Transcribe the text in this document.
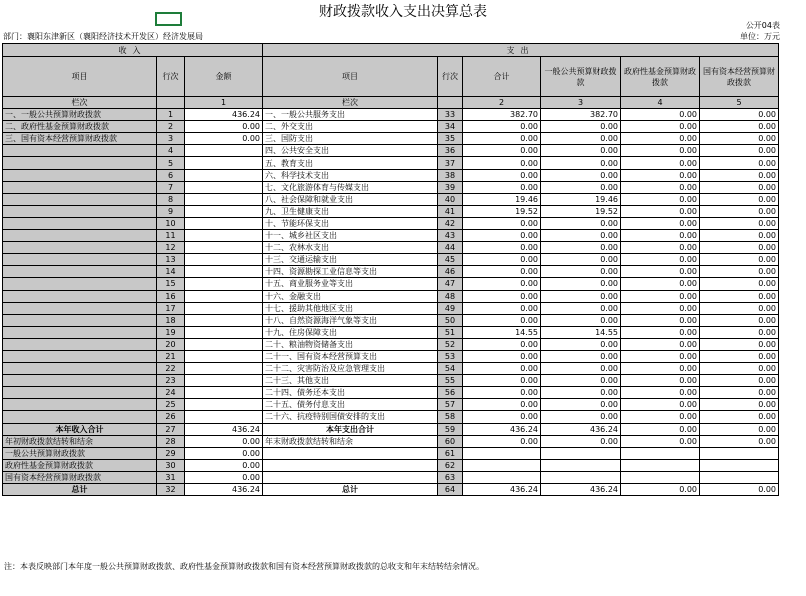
财政拨款收入支出决算总表
公开04表
单位：万元
部门：襄阳东津新区（襄阳经济技术开发区）经济发展局
收入			支出					
项目	行次	金额	项目	行次	合计	一般公共预算财政拨款	政府性基金预算财政拨款	国有资本经营预算财政拨款
栏次		1	栏次		2	3	4	5
一、一般公共预算财政拨款	1	436.24	一、一般公共服务支出	33	382.70	382.70	0.00	0.00
二、政府性基金预算财政拨款	2	0.00	二、外交支出	34	0.00	0.00	0.00	0.00
三、国有资本经营预算财政拨款	3	0.00	三、国防支出	35	0.00	0.00	0.00	0.00
	4		四、公共安全支出	36	0.00	0.00	0.00	0.00
	5		五、教育支出	37	0.00	0.00	0.00	0.00
	6		六、科学技术支出	38	0.00	0.00	0.00	0.00
	7		七、文化旅游体育与传媒支出	39	0.00	0.00	0.00	0.00
	8		八、社会保障和就业支出	40	19.46	19.46	0.00	0.00
	9		九、卫生健康支出	41	19.52	19.52	0.00	0.00
	10		十、节能环保支出	42	0.00	0.00	0.00	0.00
	11		十一、城乡社区支出	43	0.00	0.00	0.00	0.00
	12		十二、农林水支出	44	0.00	0.00	0.00	0.00
	13		十三、交通运输支出	45	0.00	0.00	0.00	0.00
	14		十四、资源勘探工业信息等支出	46	0.00	0.00	0.00	0.00
	15		十五、商业服务业等支出	47	0.00	0.00	0.00	0.00
	16		十六、金融支出	48	0.00	0.00	0.00	0.00
	17		十七、援助其他地区支出	49	0.00	0.00	0.00	0.00
	18		十八、自然资源海洋气象等支出	50	0.00	0.00	0.00	0.00
	19		十九、住房保障支出	51	14.55	14.55	0.00	0.00
	20		二十、粮油物资储备支出	52	0.00	0.00	0.00	0.00
	21		二十一、国有资本经营预算支出	53	0.00	0.00	0.00	0.00
	22		二十二、灾害防治及应急管理支出	54	0.00	0.00	0.00	0.00
	23		二十三、其他支出	55	0.00	0.00	0.00	0.00
	24		二十四、债务还本支出	56	0.00	0.00	0.00	0.00
	25		二十五、债务付息支出	57	0.00	0.00	0.00	0.00
	26		二十六、抗疫特别国债安排的支出	58	0.00	0.00	0.00	0.00
本年收入合计	27	436.24	本年支出合计	59	436.24	436.24	0.00	0.00
年初财政拨款结转和结余	28	0.00	年末财政拨款结转和结余	60	0.00	0.00	0.00	0.00
一般公共预算财政拨款	29	0.00		61				
政府性基金预算财政拨款	30	0.00		62				
国有资本经营预算财政拨款	31	0.00		63				
总计	32	436.24	总计	64	436.24	436.24	0.00	0.00
注：本表反映部门本年度一般公共预算财政拨款、政府性基金预算财政拨款和国有资本经营预算财政拨款的总收支和年末结转结余情况。
